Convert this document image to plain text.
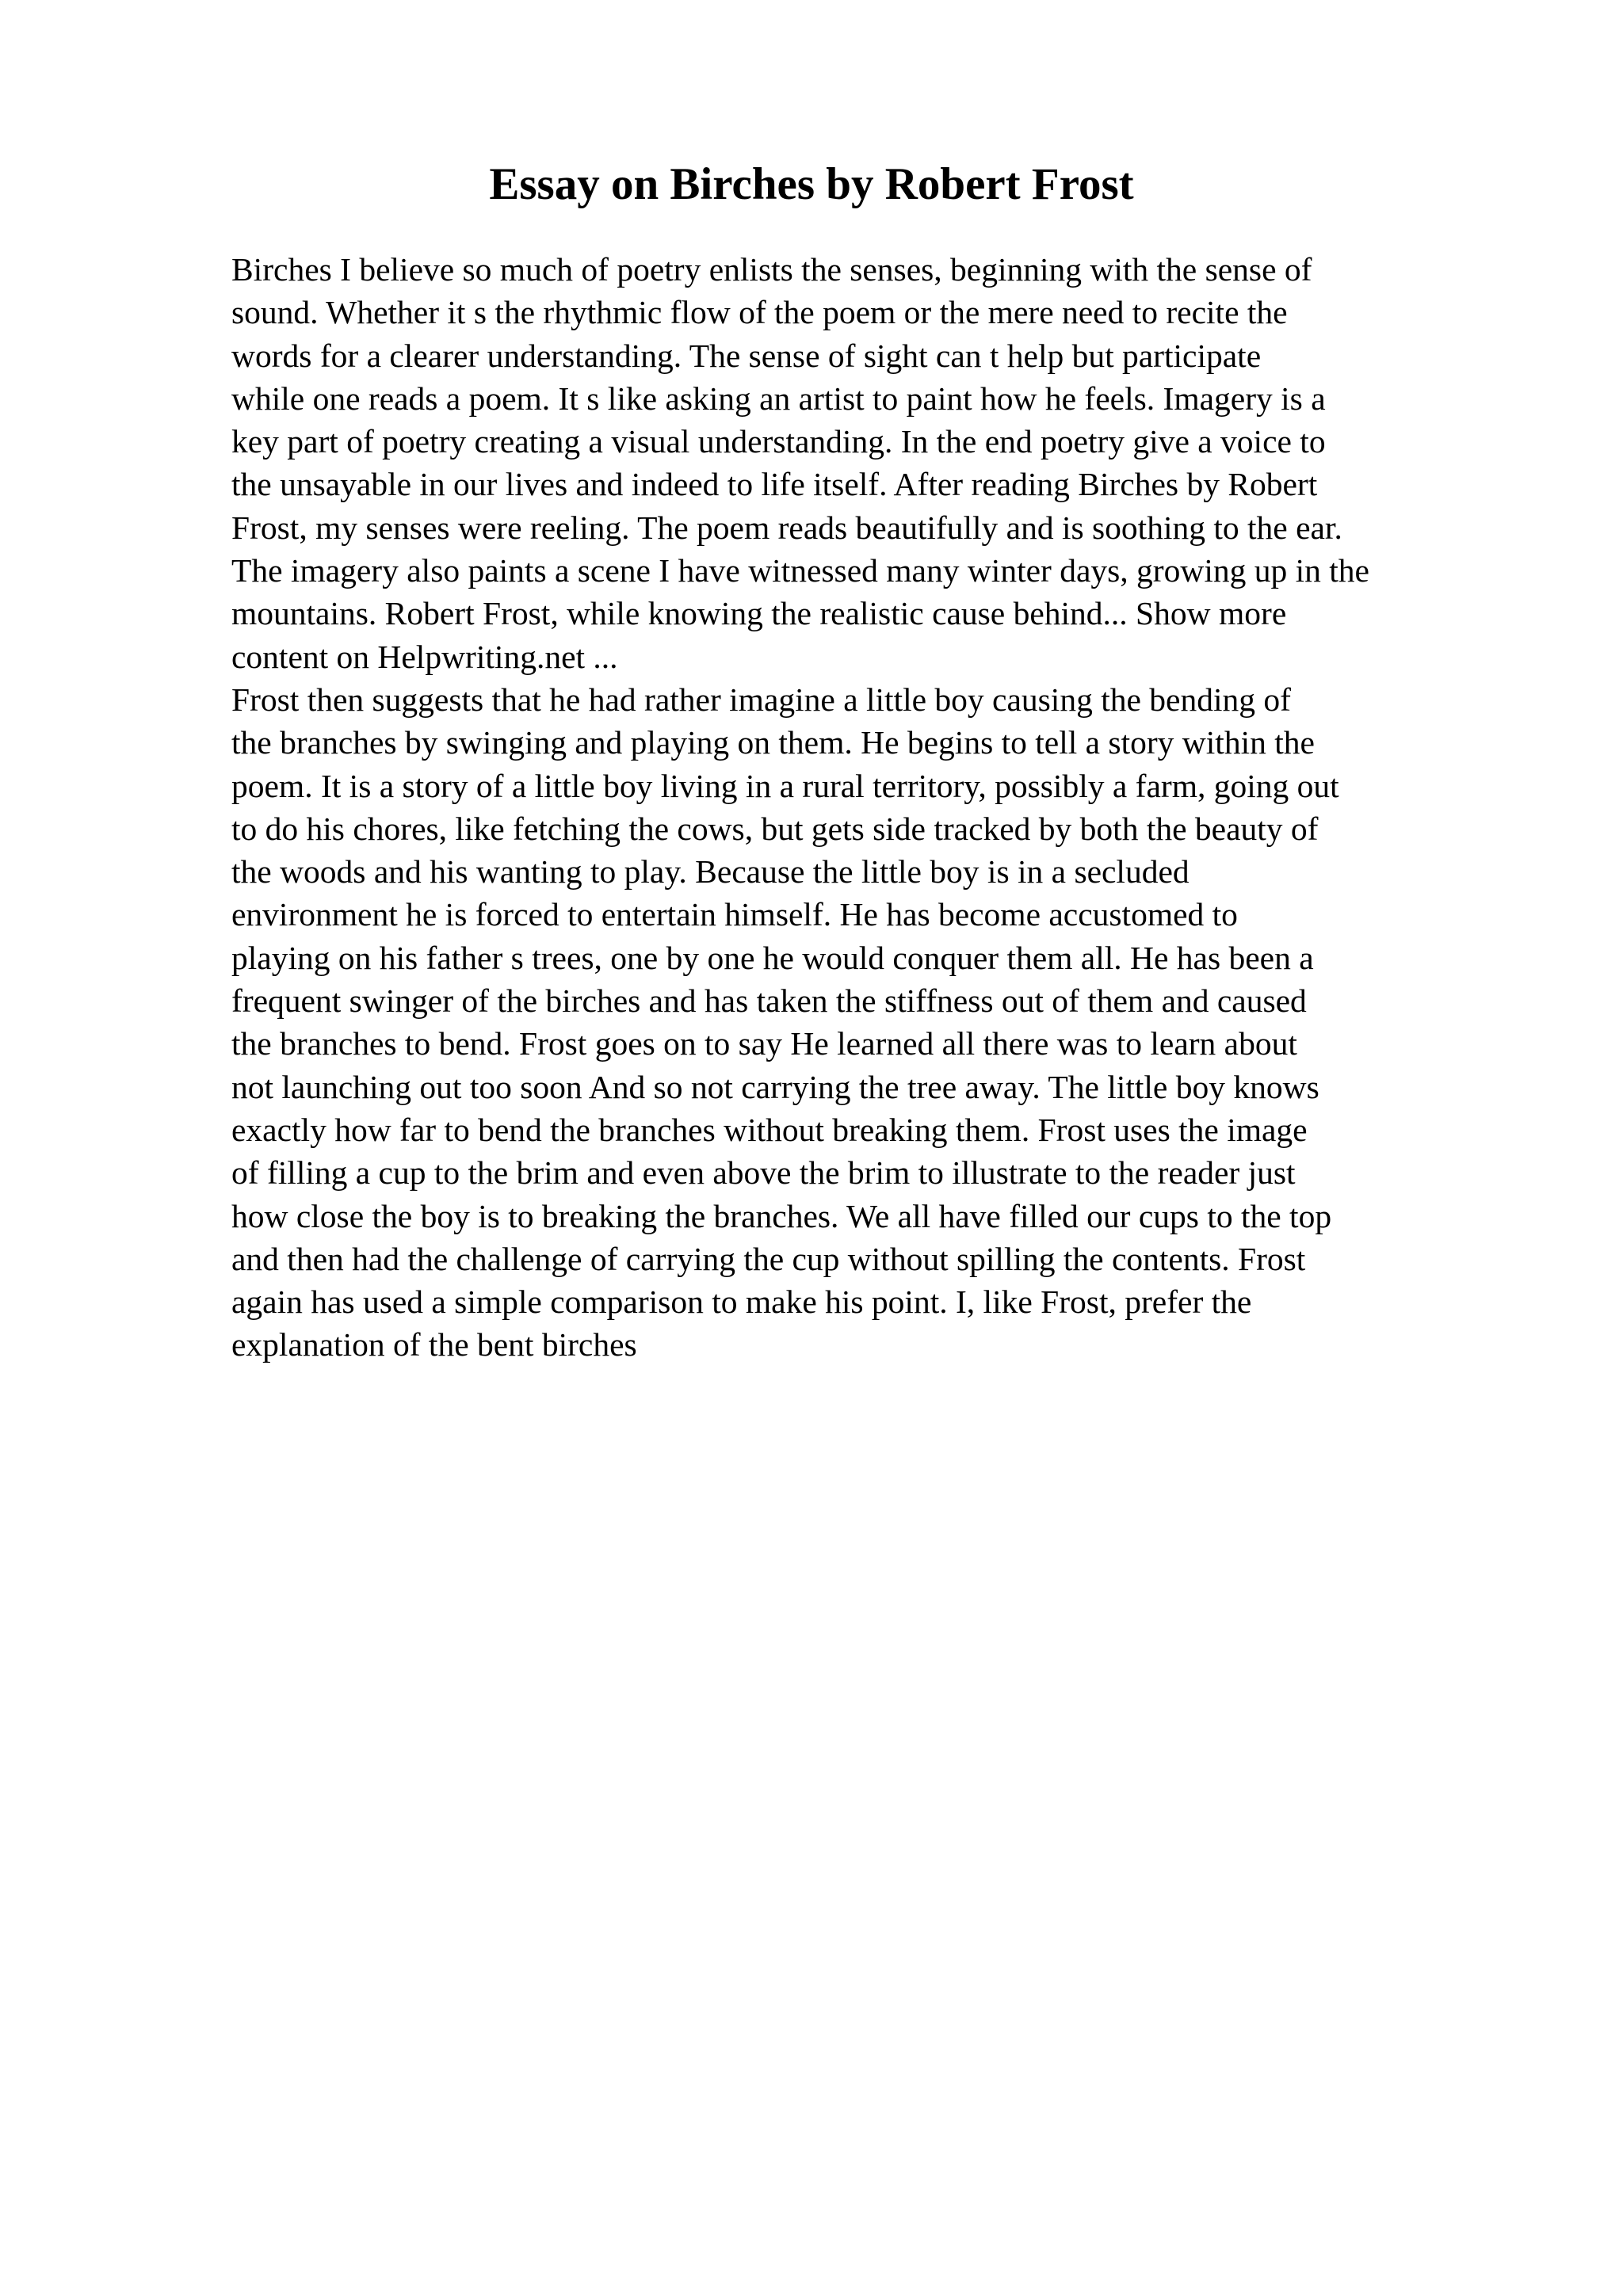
Essay on Birches by Robert Frost
Birches I believe so much of poetry enlists the senses, beginning with the sense of
sound. Whether it s the rhythmic flow of the poem or the mere need to recite the
words for a clearer understanding. The sense of sight can t help but participate
while one reads a poem. It s like asking an artist to paint how he feels. Imagery is a
key part of poetry creating a visual understanding. In the end poetry give a voice to
the unsayable in our lives and indeed to life itself. After reading Birches by Robert
Frost, my senses were reeling. The poem reads beautifully and is soothing to the ear.
The imagery also paints a scene I have witnessed many winter days, growing up in the
mountains. Robert Frost, while knowing the realistic cause behind... Show more
content on Helpwriting.net ...
Frost then suggests that he had rather imagine a little boy causing the bending of
the branches by swinging and playing on them. He begins to tell a story within the
poem. It is a story of a little boy living in a rural territory, possibly a farm, going out
to do his chores, like fetching the cows, but gets side tracked by both the beauty of
the woods and his wanting to play. Because the little boy is in a secluded
environment he is forced to entertain himself. He has become accustomed to
playing on his father s trees, one by one he would conquer them all. He has been a
frequent swinger of the birches and has taken the stiffness out of them and caused
the branches to bend. Frost goes on to say He learned all there was to learn about
not launching out too soon And so not carrying the tree away. The little boy knows
exactly how far to bend the branches without breaking them. Frost uses the image
of filling a cup to the brim and even above the brim to illustrate to the reader just
how close the boy is to breaking the branches. We all have filled our cups to the top
and then had the challenge of carrying the cup without spilling the contents. Frost
again has used a simple comparison to make his point. I, like Frost, prefer the
explanation of the bent birches
